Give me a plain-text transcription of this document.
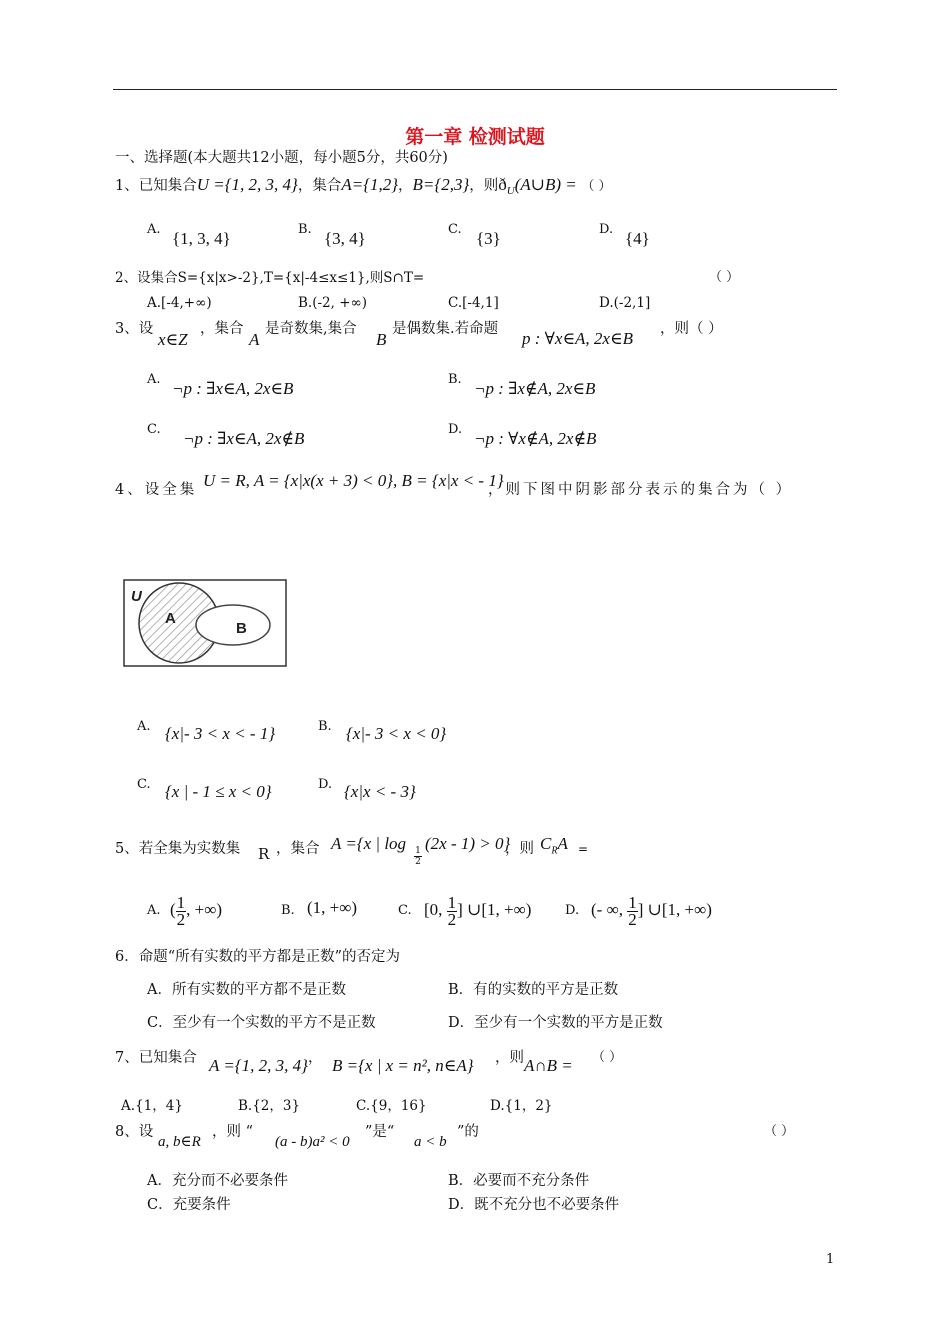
第一章 检测试题
一、选择题(本大题共12小题，每小题5分，共60分)
1、已知集合U ={1, 2, 3, 4}，集合A={1,2}，B={2,3}，则$ð_U(A\cup B)$ = （ ）
A. {1, 3, 4}	B. {3, 4}	C. {3}	D. {4}
2、设集合S={x|x>-2},T={x|-4≤x≤1},则S∩T=	（ ）
A.[-4,+∞)	B.(-2, +∞)	C.[-4,1]	D.(-2,1]
3、设
x∈Z
，集合
A
是奇数集,集合
B
是偶数集.若命题 p : ∀x∈A, 2x∈B ，则（ ）
A. ¬p : ∃x∈A, 2x∈B	B. ¬p : ∃x∉A, 2x∈B
C. ¬p : ∃x∈A, 2x∉B	D. ¬p : ∀x∉A, 2x∉B
4、设全集 U = R, A = {x|x(x + 3) < 0}, B = {x|x < - 1}
，则下图中阴影部分表示的集合为（ ）
U
A
B
A. {x|- 3 < x < - 1}	B. {x|- 3 < x < 0}
C. {x | - 1 ≤ x < 0}	D. {x|x < - 3}
5、若全集为实数集 R ，集合 A ={x | log 1
2
(2x - 1) > 0}
，则 $C_RA$ =
A. ( $\frac{1}{2}$ , +∞)	B. (1, +∞)	C. [0, $\frac{1}{2}$ ] ∪[1, +∞)	D. (- ∞, $\frac{1}{2}$ ] ∪[1, +∞)
6．命题“所有实数的平方都是正数”的否定为
A．所有实数的平方都不是正数	B．有的实数的平方是正数
C．至少有一个实数的平方不是正数	D．至少有一个实数的平方是正数
7、已知集合 A ={1, 2, 3, 4} ， B ={x | x = n², n∈A} ，则 A∩B = （ ）
A.{1，4}	B.{2，3}	C.{9，16}	D.{1，2}
8、设
a, b∈R
，则 “
(a - b)a² < 0
”是“
a < b
”的	（ ）
A．充分而不必要条件	B．必要而不充分条件
C．充要条件	D．既不充分也不必要条件
1
